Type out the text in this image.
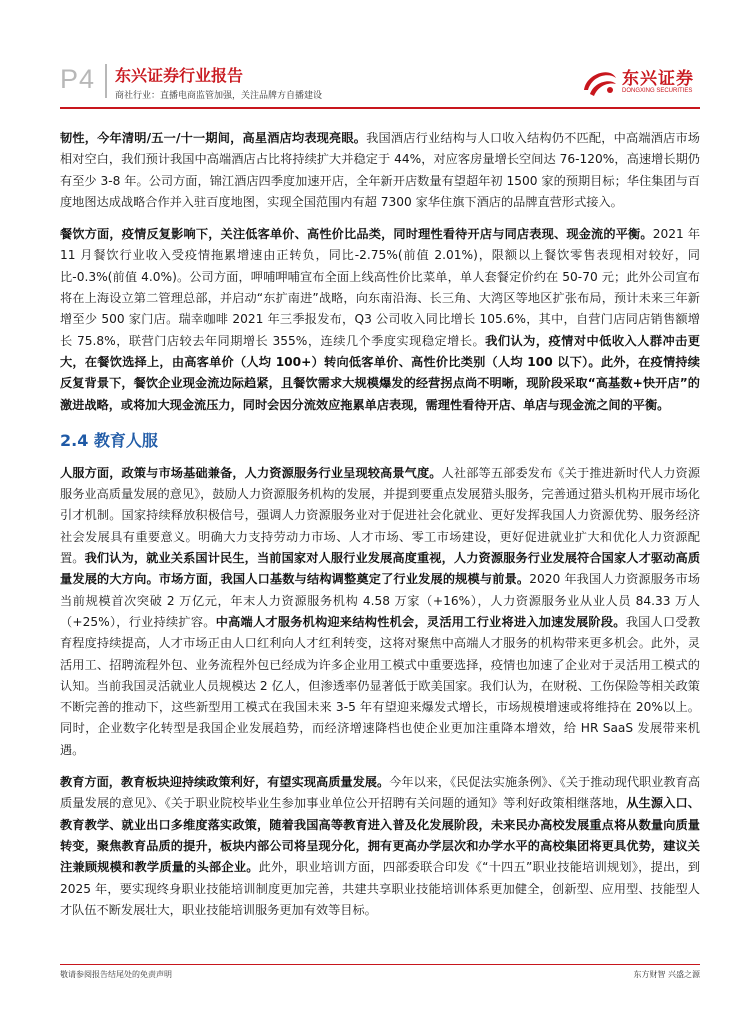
P4 东兴证券行业报告
商社行业：直播电商监管加强，关注品牌方自播建设
东兴证券
DONGXING SECURITIES

韧性，今年清明/五一/十一期间，高星酒店均表现亮眼。我国酒店行业结构与人口收入结构仍不匹配，中高端酒店市场相对空白，我们预计我国中高端酒店占比将持续扩大并稳定于 44%，对应客房量增长空间达 76-120%，高速增长期仍有至少 3-8 年。公司方面，锦江酒店四季度加速开店，全年新开店数量有望超年初 1500 家的预期目标；华住集团与百度地图达成战略合作并入驻百度地图，实现全国范围内有超 7300 家华住旗下酒店的品牌直营形式接入。

餐饮方面，疫情反复影响下，关注低客单价、高性价比品类，同时理性看待开店与同店表现、现金流的平衡。2021 年 11 月餐饮行业收入受疫情拖累增速由正转负，同比-2.75%(前值 2.01%)，限额以上餐饮零售表现相对较好，同比-0.3%(前值 4.0%)。公司方面，呷哺呷哺宣布全面上线高性价比菜单，单人套餐定价约在 50-70 元；此外公司宣布将在上海设立第二管理总部，并启动“东扩南进”战略，向东南沿海、长三角、大湾区等地区扩张布局，预计未来三年新增至少 500 家门店。瑞幸咖啡 2021 年三季报发布，Q3 公司收入同比增长 105.6%，其中，自营门店同店销售额增长 75.8%，联营门店较去年同期增长 355%，连续几个季度实现稳定增长。我们认为，疫情对中低收入人群冲击更大，在餐饮选择上，由高客单价（人均 100+）转向低客单价、高性价比类别（人均 100 以下）。此外，在疫情持续反复背景下，餐饮企业现金流边际趋紧，且餐饮需求大规模爆发的经营拐点尚不明晰，现阶段采取“高基数+快开店”的激进战略，或将加大现金流压力，同时会因分流效应拖累单店表现，需理性看待开店、单店与现金流之间的平衡。

2.4 教育人服

人服方面，政策与市场基础兼备，人力资源服务行业呈现较高景气度。人社部等五部委发布《关于推进新时代人力资源服务业高质量发展的意见》，鼓励人力资源服务机构的发展，并提到要重点发展猎头服务，完善通过猎头机构开展市场化引才机制。国家持续释放积极信号，强调人力资源服务业对于促进社会化就业、更好发挥我国人力资源优势、服务经济社会发展具有重要意义。明确大力支持劳动力市场、人才市场、零工市场建设，更好促进就业扩大和优化人力资源配置。我们认为，就业关系国计民生，当前国家对人服行业发展高度重视，人力资源服务行业发展符合国家人才驱动高质量发展的大方向。市场方面，我国人口基数与结构调整奠定了行业发展的规模与前景。2020 年我国人力资源服务市场当前规模首次突破 2 万亿元，年末人力资源服务机构 4.58 万家（+16%），人力资源服务业从业人员 84.33 万人（+25%），行业持续扩容。中高端人才服务机构迎来结构性机会，灵活用工行业将进入加速发展阶段。我国人口受教育程度持续提高，人才市场正由人口红利向人才红利转变，这将对聚焦中高端人才服务的机构带来更多机会。此外，灵活用工、招聘流程外包、业务流程外包已经成为许多企业用工模式中重要选择，疫情也加速了企业对于灵活用工模式的认知。当前我国灵活就业人员规模达 2 亿人，但渗透率仍显著低于欧美国家。我们认为，在财税、工伤保险等相关政策不断完善的推动下，这些新型用工模式在我国未来 3-5 年有望迎来爆发式增长，市场规模增速或将维持在 20%以上。同时，企业数字化转型是我国企业发展趋势，而经济增速降档也使企业更加注重降本增效，给 HR SaaS 发展带来机遇。

教育方面，教育板块迎持续政策利好，有望实现高质量发展。今年以来，《民促法实施条例》、《关于推动现代职业教育高质量发展的意见》、《关于职业院校毕业生参加事业单位公开招聘有关问题的通知》等利好政策相继落地，从生源入口、教育教学、就业出口多维度落实政策，随着我国高等教育进入普及化发展阶段，未来民办高校发展重点将从数量向质量转变，聚焦教育品质的提升，板块内部公司将呈现分化，拥有更高办学层次和办学水平的高校集团将更具优势，建议关注兼顾规模和教学质量的头部企业。此外，职业培训方面，四部委联合印发《“十四五”职业技能培训规划》，提出，到 2025 年，要实现终身职业技能培训制度更加完善，共建共享职业技能培训体系更加健全，创新型、应用型、技能型人才队伍不断发展壮大，职业技能培训服务更加有效等目标。

敬请参阅报告结尾处的免责声明	东方财智 兴盛之源
